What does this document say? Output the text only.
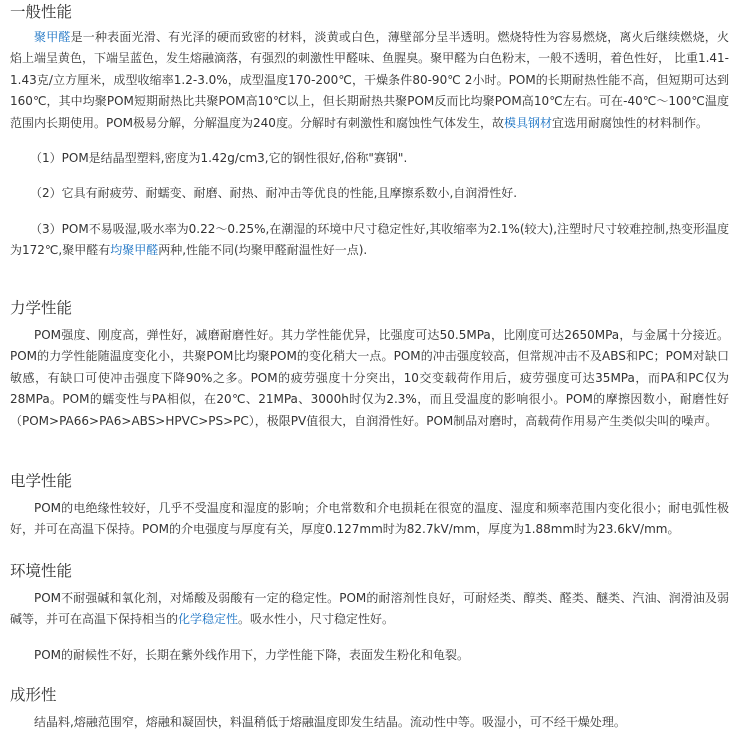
一般性能

聚甲醛是一种表面光滑、有光泽的硬而致密的材料，淡黄或白色，薄壁部分呈半透明。燃烧特性为容易燃烧，离火后继续燃烧，火焰上端呈黄色，下端呈蓝色，发生熔融滴落，有强烈的刺激性甲醛味、鱼腥臭。聚甲醛为白色粉末，一般不透明，着色性好， 比重1.41-1.43克/立方厘米，成型收缩率1.2-3.0%，成型温度170-200℃，干燥条件80-90℃ 2小时。POM的长期耐热性能不高，但短期可达到160℃，其中均聚POM短期耐热比共聚POM高10℃以上，但长期耐热共聚POM反而比均聚POM高10℃左右。可在-40℃～100℃温度范围内长期使用。POM极易分解，分解温度为240度。分解时有刺激性和腐蚀性气体发生，故模具钢材宜选用耐腐蚀性的材料制作。

（1）POM是结晶型塑料,密度为1.42g/cm3,它的钢性很好,俗称"赛钢".

（2）它具有耐疲劳、耐蠕变、耐磨、耐热、耐冲击等优良的性能,且摩擦系数小,自润滑性好.

（3）POM不易吸湿,吸水率为0.22～0.25%,在潮湿的环境中尺寸稳定性好,其收缩率为2.1%(较大),注塑时尺寸较难控制,热变形温度为172℃,聚甲醛有均聚甲醛两种,性能不同(均聚甲醛耐温性好一点).

力学性能

POM强度、刚度高，弹性好，减磨耐磨性好。其力学性能优异，比强度可达50.5MPa，比刚度可达2650MPa，与金属十分接近。POM的力学性能随温度变化小，共聚POM比均聚POM的变化稍大一点。POM的冲击强度较高，但常规冲击不及ABS和PC；POM对缺口敏感，有缺口可使冲击强度下降90%之多。POM的疲劳强度十分突出，10交变载荷作用后，疲劳强度可达35MPa，而PA和PC仅为28MPa。POM的蠕变性与PA相似，在20℃、21MPa、3000h时仅为2.3%，而且受温度的影响很小。POM的摩擦因数小，耐磨性好（POM>PA66>PA6>ABS>HPVC>PS>PC），极限PV值很大，自润滑性好。POM制品对磨时，高载荷作用易产生类似尖叫的噪声。

电学性能

POM的电绝缘性较好，几乎不受温度和湿度的影响；介电常数和介电损耗在很宽的温度、湿度和频率范围内变化很小；耐电弧性极好，并可在高温下保持。POM的介电强度与厚度有关，厚度0.127mm时为82.7kV/mm，厚度为1.88mm时为23.6kV/mm。

环境性能

POM不耐强碱和氧化剂，对烯酸及弱酸有一定的稳定性。POM的耐溶剂性良好，可耐烃类、醇类、醛类、醚类、汽油、润滑油及弱碱等，并可在高温下保持相当的化学稳定性。吸水性小，尺寸稳定性好。

POM的耐候性不好，长期在紫外线作用下，力学性能下降，表面发生粉化和龟裂。

成形性

结晶料,熔融范围窄，熔融和凝固快，料温稍低于熔融温度即发生结晶。流动性中等。吸湿小，可不经干燥处理。
